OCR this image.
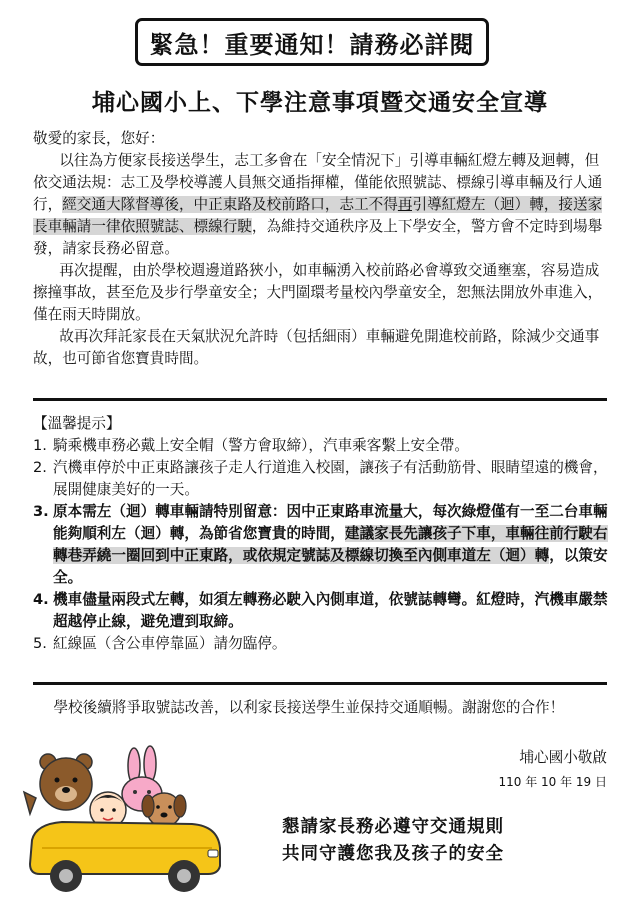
緊急！重要通知！請務必詳閱
埔心國小上、下學注意事項暨交通安全宣導

敬愛的家長，您好：

以往為方便家長接送學生，志工多會在「安全情況下」引導車輛紅燈左轉及迴轉，但依交通法規：志工及學校導護人員無交通指揮權，僅能依照號誌、標線引導車輛及行人通行，經交通大隊督導後，中正東路及校前路口，志工不得再引導紅燈左（迴）轉，接送家長車輛請一律依照號誌、標線行駛，為維持交通秩序及上下學安全，警方會不定時到場舉發，請家長務必留意。

再次提醒，由於學校週邊道路狹小，如車輛湧入校前路必會導致交通壅塞，容易造成擦撞事故，甚至危及步行學童安全；大門圍環考量校內學童安全，恕無法開放外車進入，僅在雨天時開放。

故再次拜託家長在天氣狀況允許時（包括細雨）車輛避免開進校前路，除減少交通事故，也可節省您寶貴時間。

【溫馨提示】

1. 騎乘機車務必戴上安全帽（警方會取締），汽車乘客繫上安全帶。
2. 汽機車停於中正東路讓孩子走人行道進入校園，讓孩子有活動筋骨、眼睛望遠的機會，展開健康美好的一天。
3. 原本需左（迴）轉車輛請特別留意：因中正東路車流量大，每次綠燈僅有一至二台車輛能夠順利左（迴）轉，為節省您寶貴的時間，建議家長先讓孩子下車，車輛往前行駛右轉巷弄繞一圈回到中正東路，或依規定號誌及標線切換至內側車道左（迴）轉，以策安全。
4. 機車儘量兩段式左轉，如須左轉務必駛入內側車道，依號誌轉彎。紅燈時，汽機車嚴禁超越停止線，避免遭到取締。
5. 紅線區（含公車停靠區）請勿臨停。
學校後續將爭取號誌改善，以利家長接送學生並保持交通順暢。謝謝您的合作！
埔心國小敬啟
110 年 10 年 19 日
懇請家長務必遵守交通規則
共同守護您我及孩子的安全
